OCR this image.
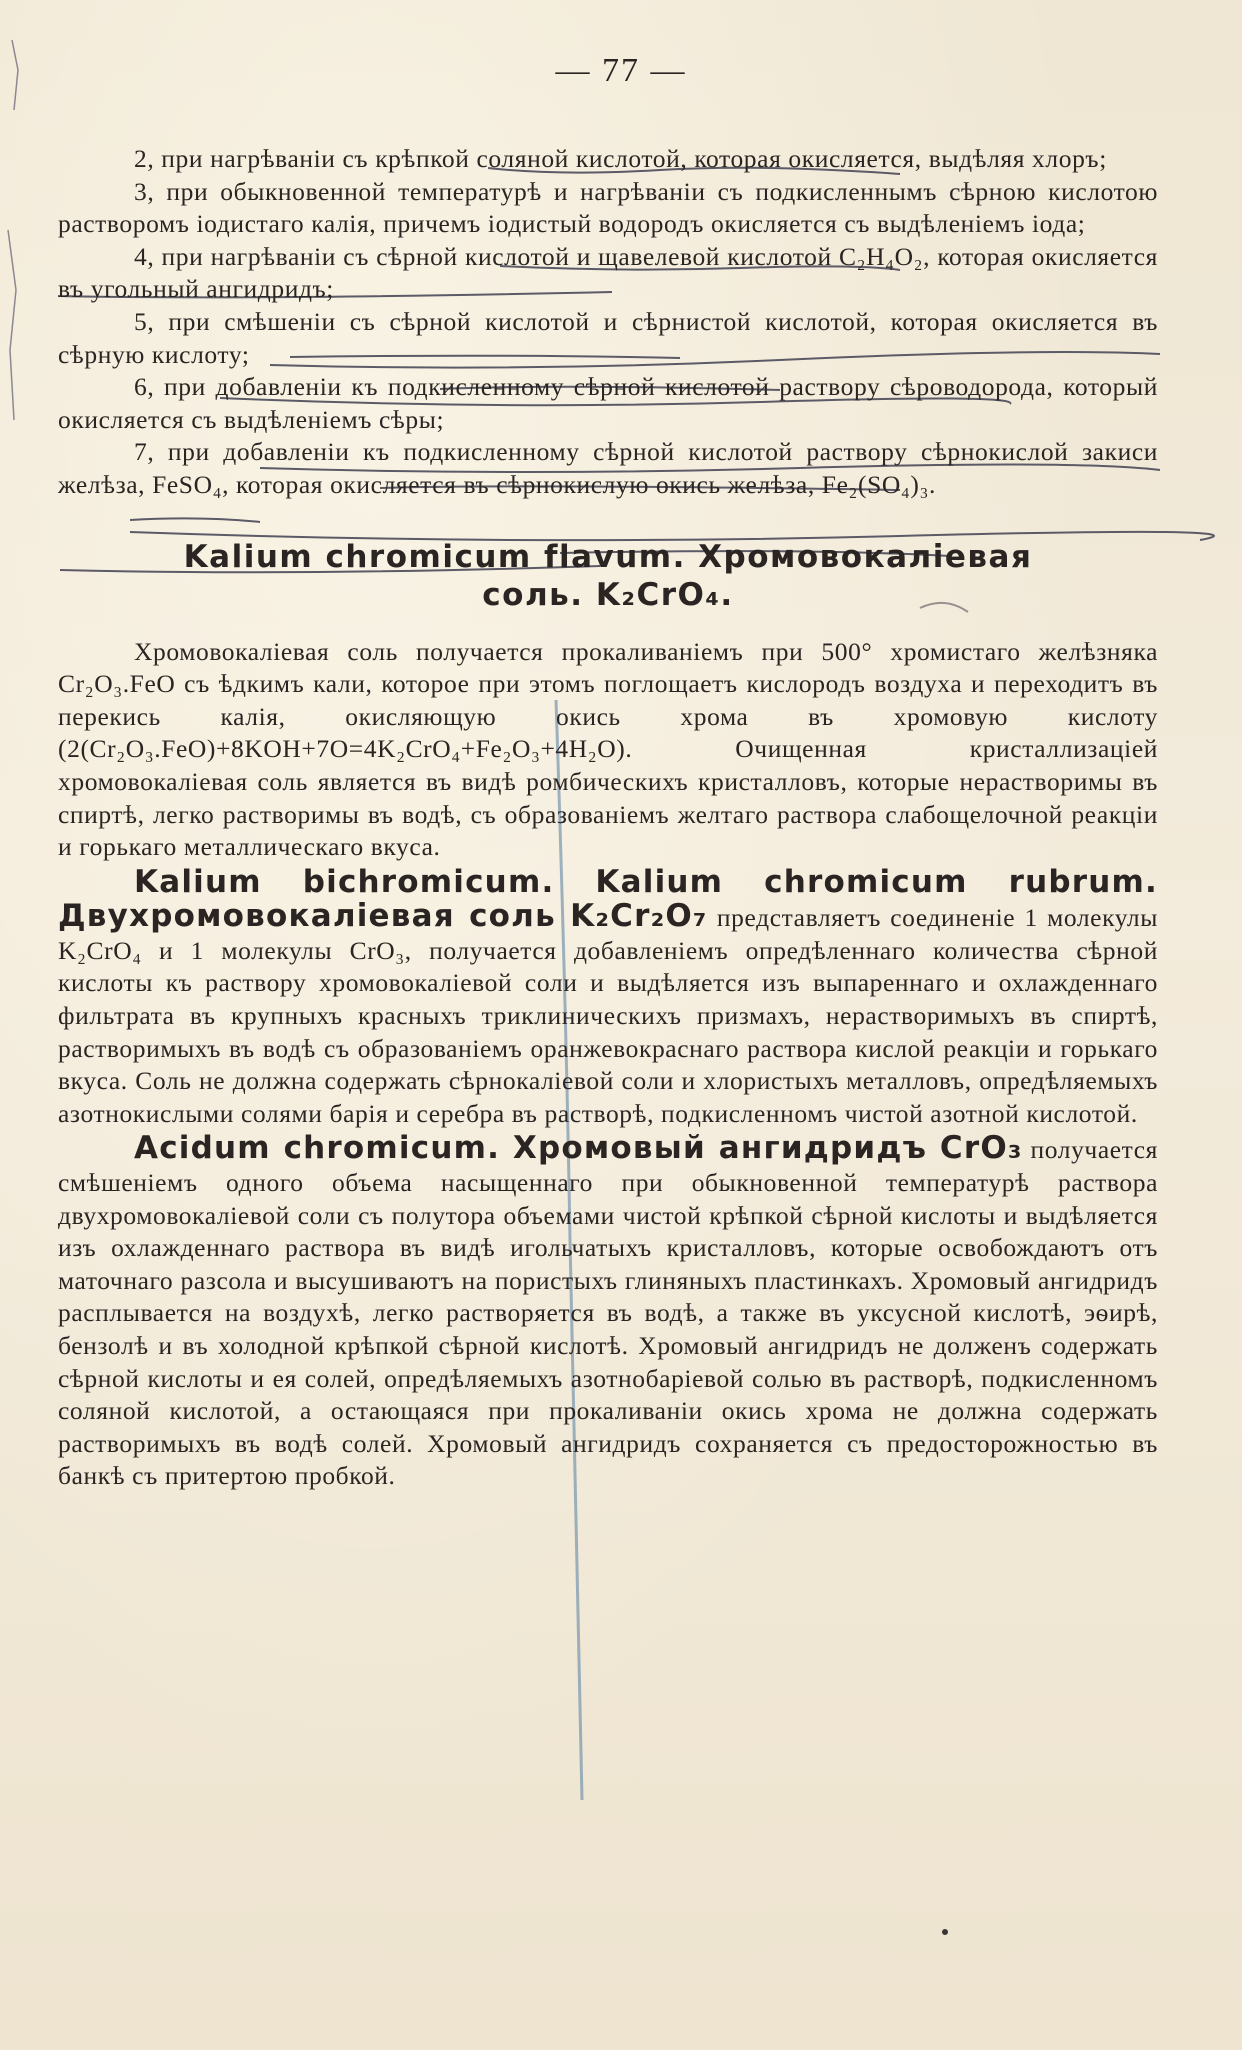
— 77 —

2, при нагрѣваніи съ крѣпкой соляной кислотой, которая окисляется, выдѣляя хлоръ;

3, при обыкновенной температурѣ и нагрѣваніи съ подкисленнымъ сѣрною кислотою растворомъ іодистаго калія, причемъ іодистый водородъ окисляется съ выдѣленіемъ іода;

4, при нагрѣваніи съ сѣрной кислотой и щавелевой кислотой C₂H₄O₂, которая окисляется въ угольный ангидридъ;

5, при смѣшеніи съ сѣрной кислотой и сѣрнистой кислотой, которая окисляется въ сѣрную кислоту;

6, при добавленіи къ подкисленному сѣрной кислотой раствору сѣроводорода, который окисляется съ выдѣленіемъ сѣры;

7, при добавленіи къ подкисленному сѣрной кислотой раствору сѣрнокислой закиси желѣза, FeSO₄, которая окисляется въ сѣрнокислую окись желѣза, Fe₂(SO₄)₃.

Kalium chromicum flavum. Хромовокаліевая

соль. K₂CrO₄.

Хромовокаліевая соль получается прокаливаніемъ при 500° хромистаго желѣзняка Cr₂O₃.FeO съ ѣдкимъ кали, которое при этомъ поглощаетъ кислородъ воздуха и переходитъ въ перекись калія, окисляющую окись хрома въ хромовую кислоту (2(Cr₂O₃.FeO)+8KOH+7O=4K₂CrO₄+Fe₂O₃+4H₂O). Очищенная кристаллизаціей хромовокаліевая соль является въ видѣ ромбическихъ кристалловъ, которые нерастворимы въ спиртѣ, легко растворимы въ водѣ, съ образованіемъ желтаго раствора слабощелочной реакціи и горькаго металлическаго вкуса.

Kalium bichromicum. Kalium chromicum rubrum. Двухромовокаліевая соль K₂Cr₂O₇ представляетъ соединеніе 1 молекулы K₂CrO₄ и 1 молекулы CrO₃, получается добавленіемъ опредѣленнаго количества сѣрной кислоты къ раствору хромовокаліевой соли и выдѣляется изъ выпареннаго и охлажденнаго фильтрата въ крупныхъ красныхъ триклиническихъ призмахъ, нерастворимыхъ въ спиртѣ, растворимыхъ въ водѣ съ образованіемъ оранжевокраснаго раствора кислой реакціи и горькаго вкуса. Соль не должна содержать сѣрнокаліевой соли и хлористыхъ металловъ, опредѣляемыхъ азотнокислыми солями барія и серебра въ растворѣ, подкисленномъ чистой азотной кислотой.

Acidum chromicum. Хромовый ангидридъ CrO₃ получается смѣшеніемъ одного объема насыщеннаго при обыкновенной температурѣ раствора двухромовокаліевой соли съ полутора объемами чистой крѣпкой сѣрной кислоты и выдѣляется изъ охлажденнаго раствора въ видѣ игольчатыхъ кристалловъ, которые освобождаютъ отъ маточнаго разсола и высушиваютъ на пористыхъ глиняныхъ пластинкахъ. Хромовый ангидридъ расплывается на воздухѣ, легко растворяется въ водѣ, а также въ уксусной кислотѣ, эѳирѣ, бензолѣ и въ холодной крѣпкой сѣрной кислотѣ. Хромовый ангидридъ не долженъ содержать сѣрной кислоты и ея солей, опредѣляемыхъ азотнобаріевой солью въ растворѣ, подкисленномъ соляной кислотой, а остающаяся при прокаливаніи окись хрома не должна содержать растворимыхъ въ водѣ солей. Хромовый ангидридъ сохраняется съ предосторожностью въ банкѣ съ притертою пробкой.
